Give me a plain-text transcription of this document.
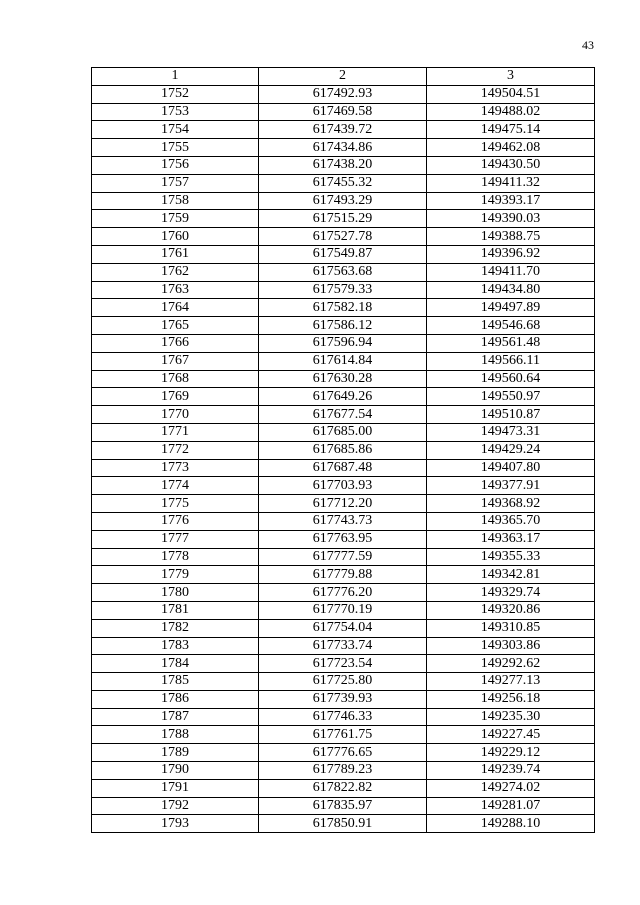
43
1	2	3
1752	617492.93	149504.51
1753	617469.58	149488.02
1754	617439.72	149475.14
1755	617434.86	149462.08
1756	617438.20	149430.50
1757	617455.32	149411.32
1758	617493.29	149393.17
1759	617515.29	149390.03
1760	617527.78	149388.75
1761	617549.87	149396.92
1762	617563.68	149411.70
1763	617579.33	149434.80
1764	617582.18	149497.89
1765	617586.12	149546.68
1766	617596.94	149561.48
1767	617614.84	149566.11
1768	617630.28	149560.64
1769	617649.26	149550.97
1770	617677.54	149510.87
1771	617685.00	149473.31
1772	617685.86	149429.24
1773	617687.48	149407.80
1774	617703.93	149377.91
1775	617712.20	149368.92
1776	617743.73	149365.70
1777	617763.95	149363.17
1778	617777.59	149355.33
1779	617779.88	149342.81
1780	617776.20	149329.74
1781	617770.19	149320.86
1782	617754.04	149310.85
1783	617733.74	149303.86
1784	617723.54	149292.62
1785	617725.80	149277.13
1786	617739.93	149256.18
1787	617746.33	149235.30
1788	617761.75	149227.45
1789	617776.65	149229.12
1790	617789.23	149239.74
1791	617822.82	149274.02
1792	617835.97	149281.07
1793	617850.91	149288.10
